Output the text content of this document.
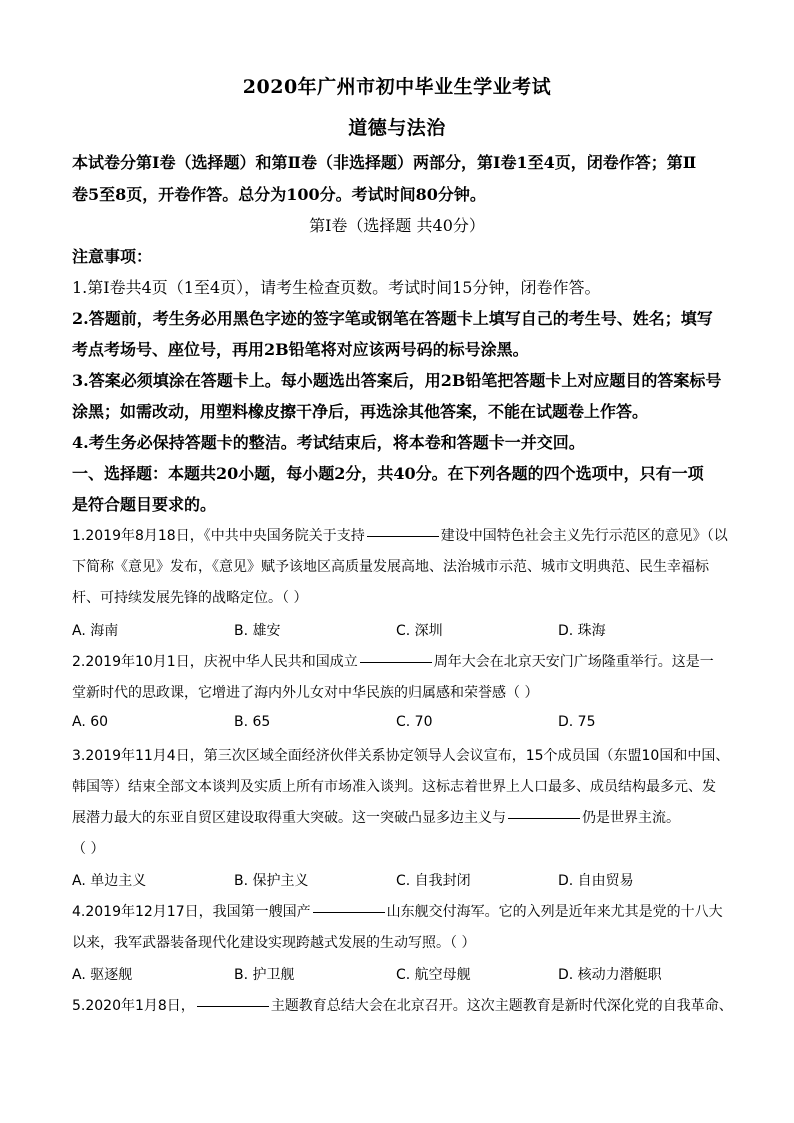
2020年广州市初中毕业生学业考试
道德与法治
本试卷分第Ⅰ卷（选择题）和第Ⅱ卷（非选择题）两部分，第Ⅰ卷1至4页，闭卷作答；第Ⅱ
卷5至8页，开卷作答。总分为100分。考试时间80分钟。
第Ⅰ卷（选择题 共40分）
注意事项：
1.第Ⅰ卷共4页（1至4页），请考生检查页数。考试时间15分钟，闭卷作答。
2.答题前，考生务必用黑色字迹的签字笔或钢笔在答题卡上填写自己的考生号、姓名；填写
考点考场号、座位号，再用2B铅笔将对应该两号码的标号涂黑。
3.答案必须填涂在答题卡上。每小题选出答案后，用2B铅笔把答题卡上对应题目的答案标号
涂黑；如需改动，用塑料橡皮擦干净后，再选涂其他答案，不能在试题卷上作答。
4.考生务必保持答题卡的整洁。考试结束后，将本卷和答题卡一并交回。
一、选择题：本题共20小题，每小题2分，共40分。在下列各题的四个选项中，只有一项
是符合题目要求的。
1.2019年8月18日，《中共中央国务院关于支持	建设中国特色社会主义先行示范区的意见》（以
下简称《意见》发布，《意见》赋予该地区高质量发展高地、法治城市示范、城市文明典范、民生幸福标
杆、可持续发展先锋的战略定位。（ ）
A. 海南	B. 雄安	C. 深圳	D. 珠海
2.2019年10月1日，庆祝中华人民共和国成立	周年大会在北京天安门广场隆重举行。这是一
堂新时代的思政课，它增进了海内外儿女对中华民族的归属感和荣誉感（ ）
A. 60	B. 65	C. 70	D. 75
3.2019年11月4日，第三次区域全面经济伙伴关系协定领导人会议宣布，15个成员国（东盟10国和中国、
韩国等）结束全部文本谈判及实质上所有市场准入谈判。这标志着世界上人口最多、成员结构最多元、发
展潜力最大的东亚自贸区建设取得重大突破。这一突破凸显多边主义与	仍是世界主流。
（ ）
A. 单边主义	B. 保护主义	C. 自我封闭	D. 自由贸易
4.2019年12月17日，我国第一艘国产	山东舰交付海军。它的入列是近年来尤其是党的十八大
以来，我军武器装备现代化建设实现跨越式发展的生动写照。（ ）
A. 驱逐舰	B. 护卫舰	C. 航空母舰	D. 核动力潜艇职
5.2020年1月8日，	主题教育总结大会在北京召开。这次主题教育是新时代深化党的自我革命、
